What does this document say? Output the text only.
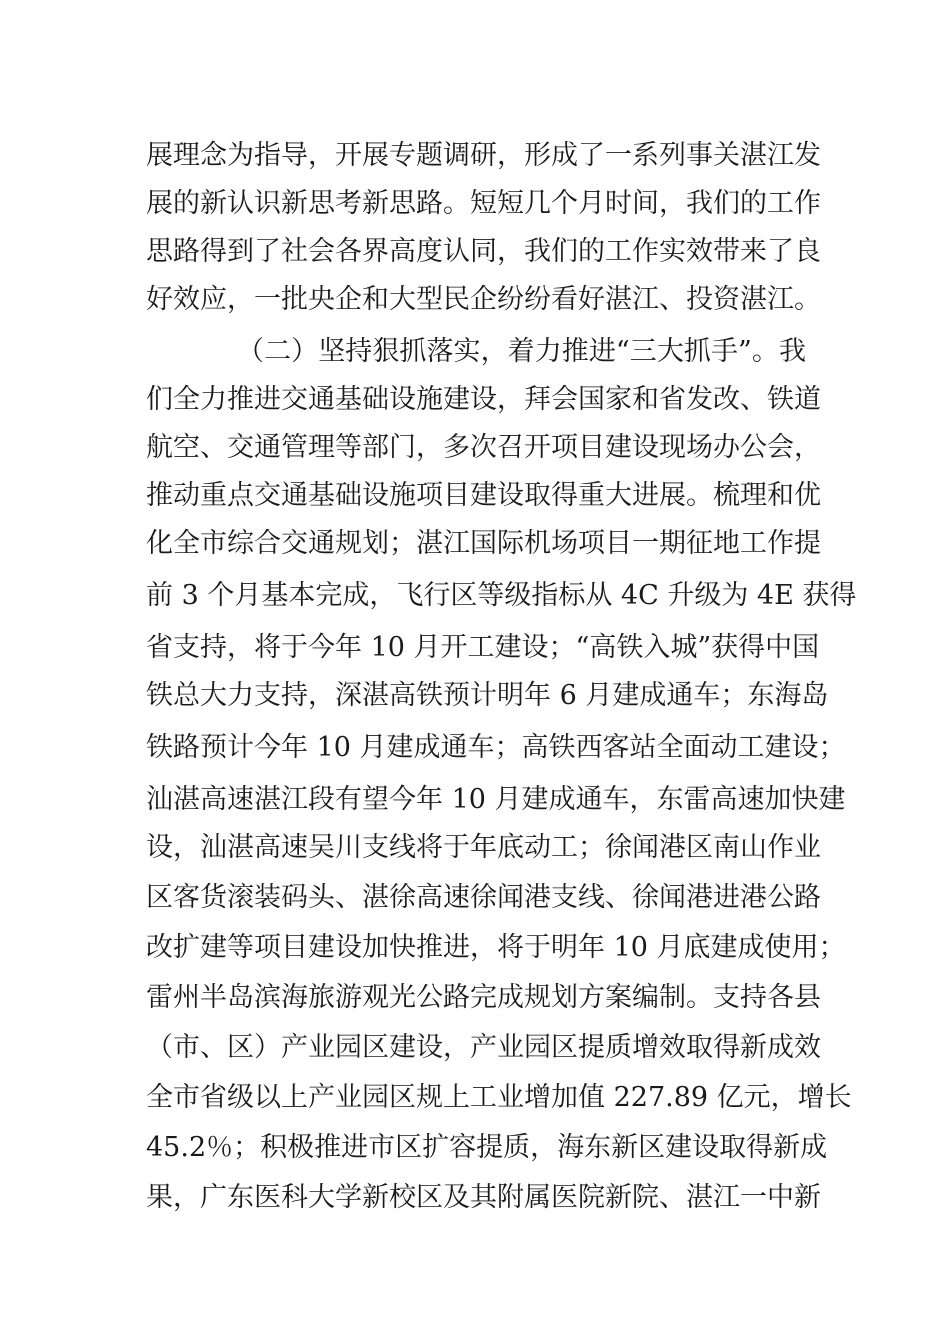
展理念为指导，开展专题调研，形成了一系列事关湛江发
展的新认识新思考新思路。短短几个月时间，我们的工作
思路得到了社会各界高度认同，我们的工作实效带来了良
好效应，一批央企和大型民企纷纷看好湛江、投资湛江。
（二）坚持狠抓落实，着力推进“三大抓手”。我
们全力推进交通基础设施建设，拜会国家和省发改、铁道
航空、交通管理等部门，多次召开项目建设现场办公会，
推动重点交通基础设施项目建设取得重大进展。梳理和优
化全市综合交通规划；湛江国际机场项目一期征地工作提
前 3 个月基本完成，飞行区等级指标从 4C 升级为 4E 获得
省支持，将于今年 10 月开工建设；“高铁入城”获得中国
铁总大力支持，深湛高铁预计明年 6 月建成通车；东海岛
铁路预计今年 10 月建成通车；高铁西客站全面动工建设；
汕湛高速湛江段有望今年 10 月建成通车，东雷高速加快建
设，汕湛高速吴川支线将于年底动工；徐闻港区南山作业
区客货滚装码头、湛徐高速徐闻港支线、徐闻港进港公路
改扩建等项目建设加快推进，将于明年 10 月底建成使用；
雷州半岛滨海旅游观光公路完成规划方案编制。支持各县
（市、区）产业园区建设，产业园区提质增效取得新成效
全市省级以上产业园区规上工业增加值 227.89 亿元，增长
45.2％；积极推进市区扩容提质，海东新区建设取得新成
果，广东医科大学新校区及其附属医院新院、湛江一中新
